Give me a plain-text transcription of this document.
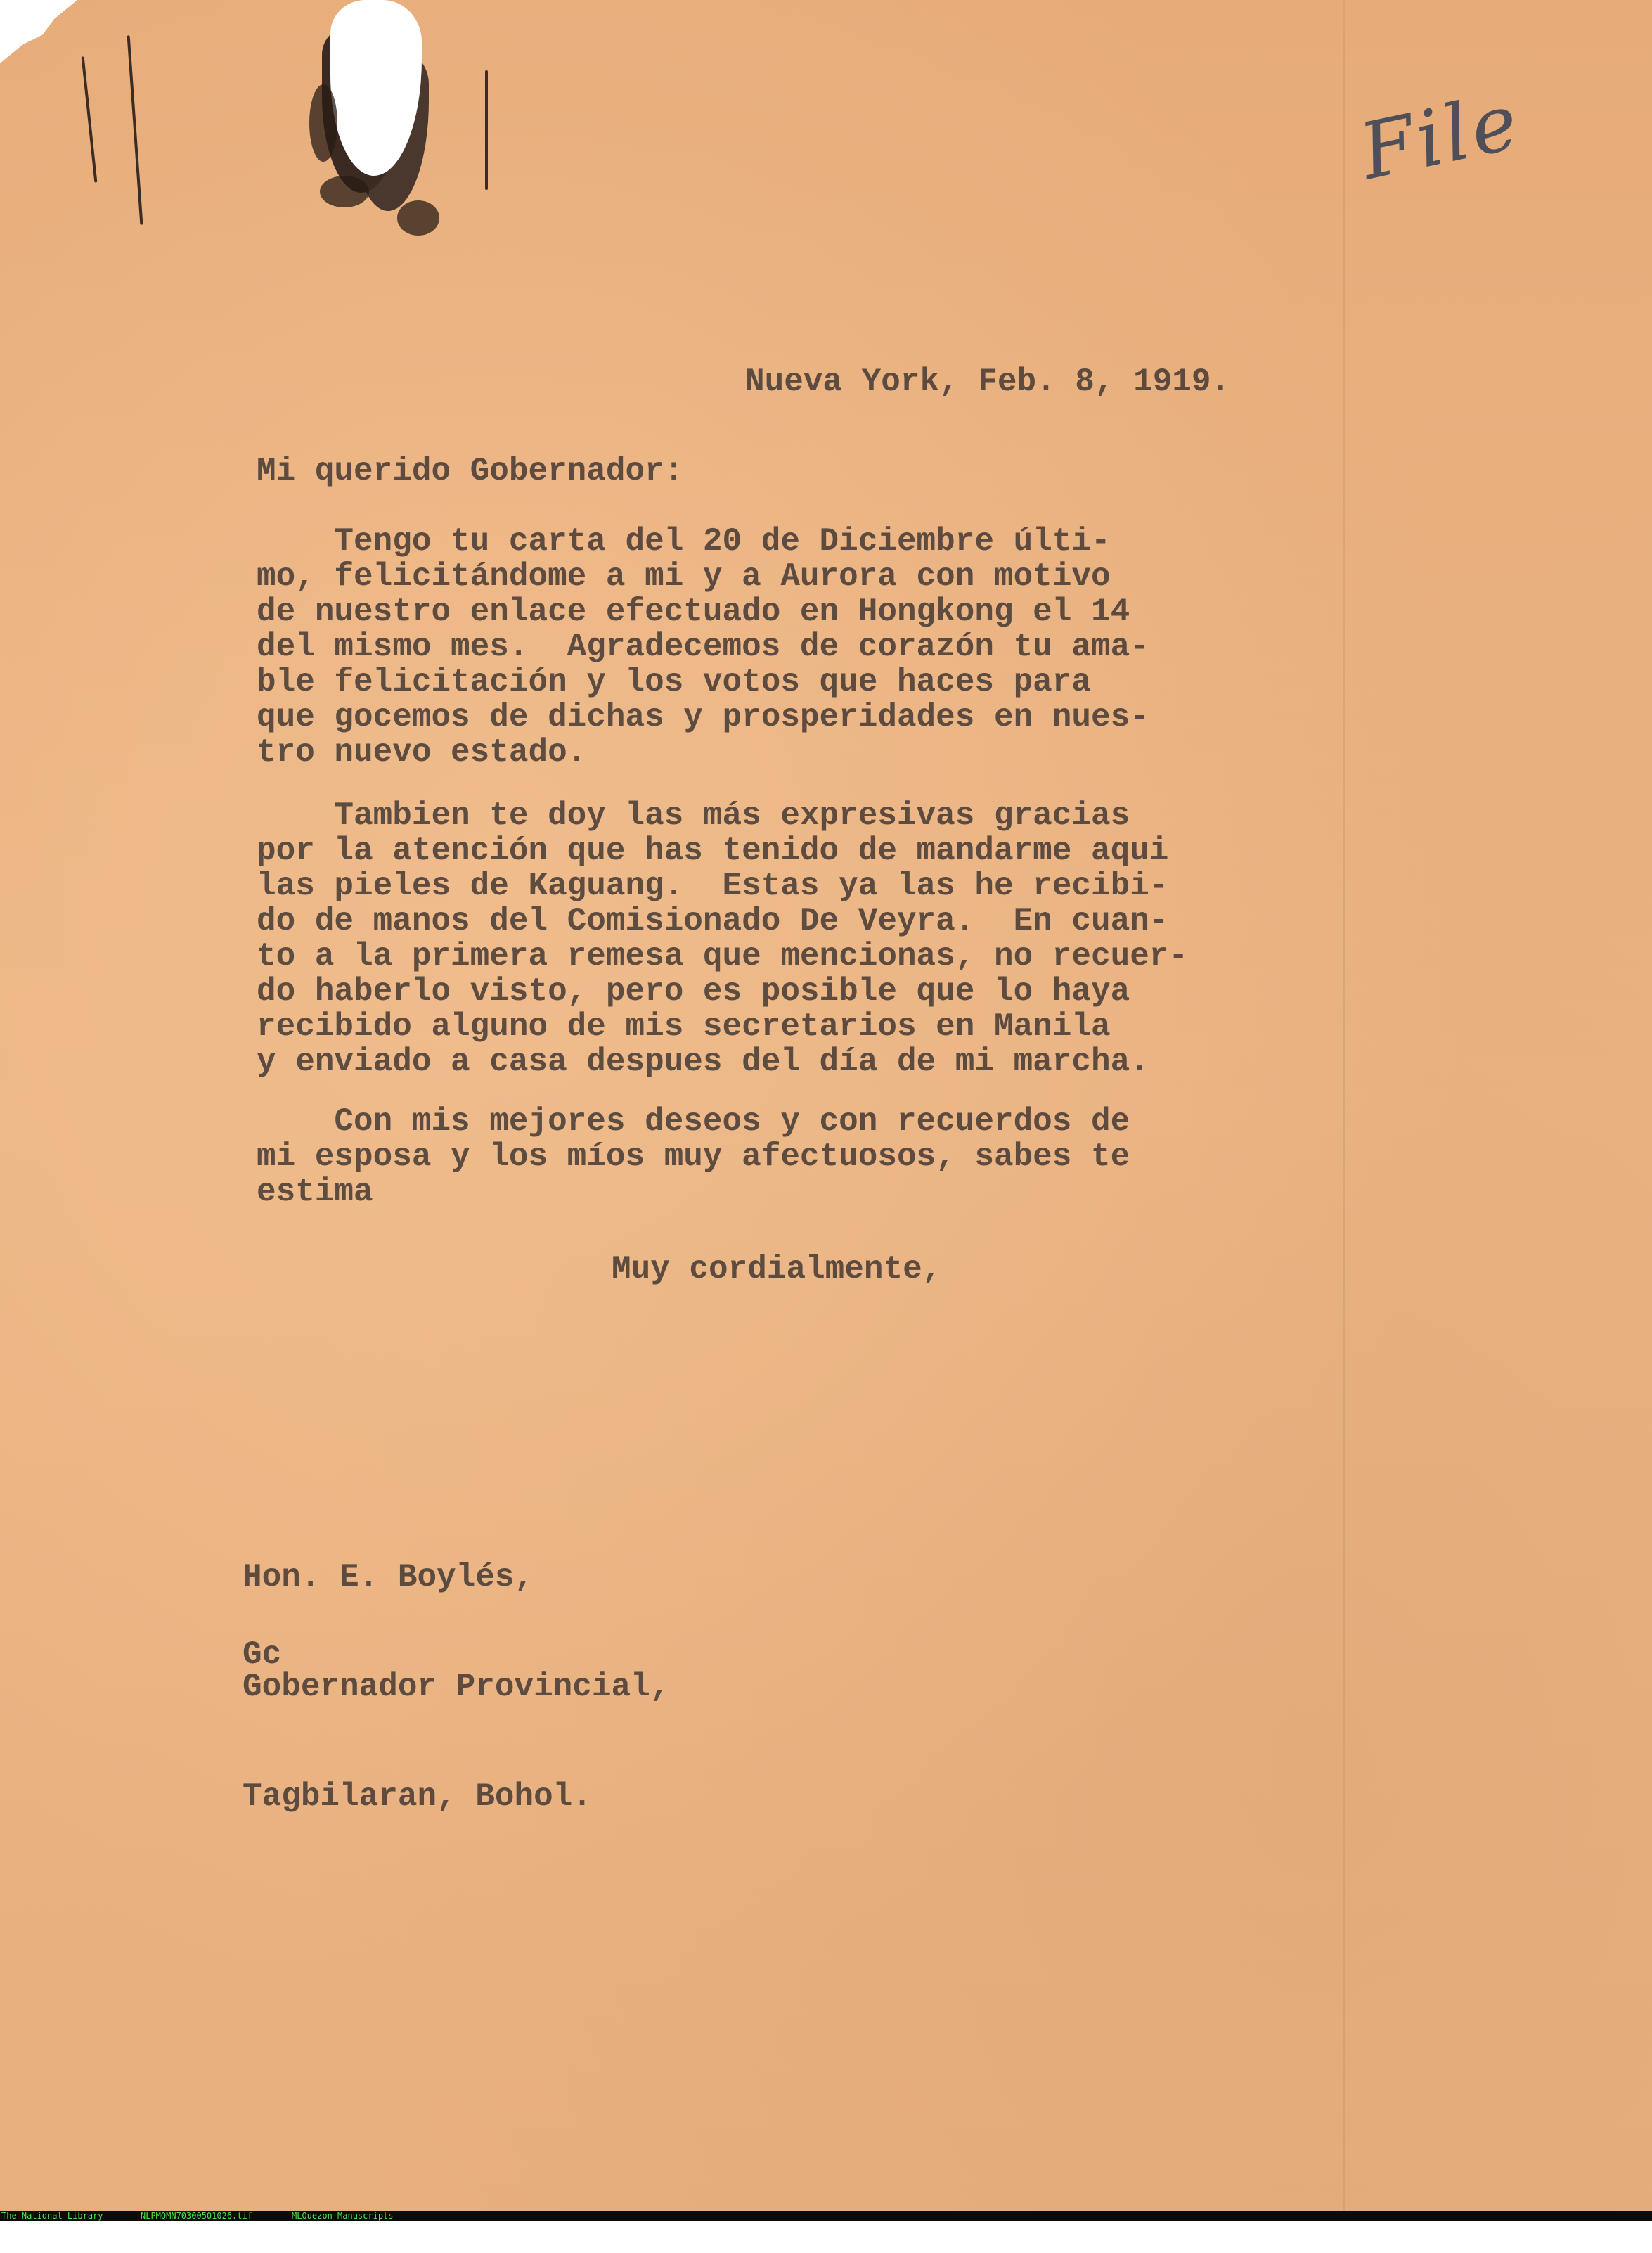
File
Nueva York, Feb. 8, 1919.
Mi querido Gobernador:
Tengo tu carta del 20 de Diciembre últi-
mo, felicitándome a mi y a Aurora con motivo
de nuestro enlace efectuado en Hongkong el 14
del mismo mes.  Agradecemos de corazón tu ama-
ble felicitación y los votos que haces para
que gocemos de dichas y prosperidades en nues-
tro nuevo estado.
Tambien te doy las más expresivas gracias
por la atención que has tenido de mandarme aqui
las pieles de Kaguang.  Estas ya las he recibi-
do de manos del Comisionado De Veyra.  En cuan-
to a la primera remesa que mencionas, no recuer-
do haberlo visto, pero es posible que lo haya
recibido alguno de mis secretarios en Manila
y enviado a casa despues del día de mi marcha.
Con mis mejores deseos y con recuerdos de
mi esposa y los míos muy afectuosos, sabes te
estima
Muy cordialmente,

Hon. E. Boylés,

Gobernador Provincial,

Tagbilaran, Bohol.

Gc

The National Library

	NLPMQMN70300501026.tif

	MLQuezon Manuscripts
